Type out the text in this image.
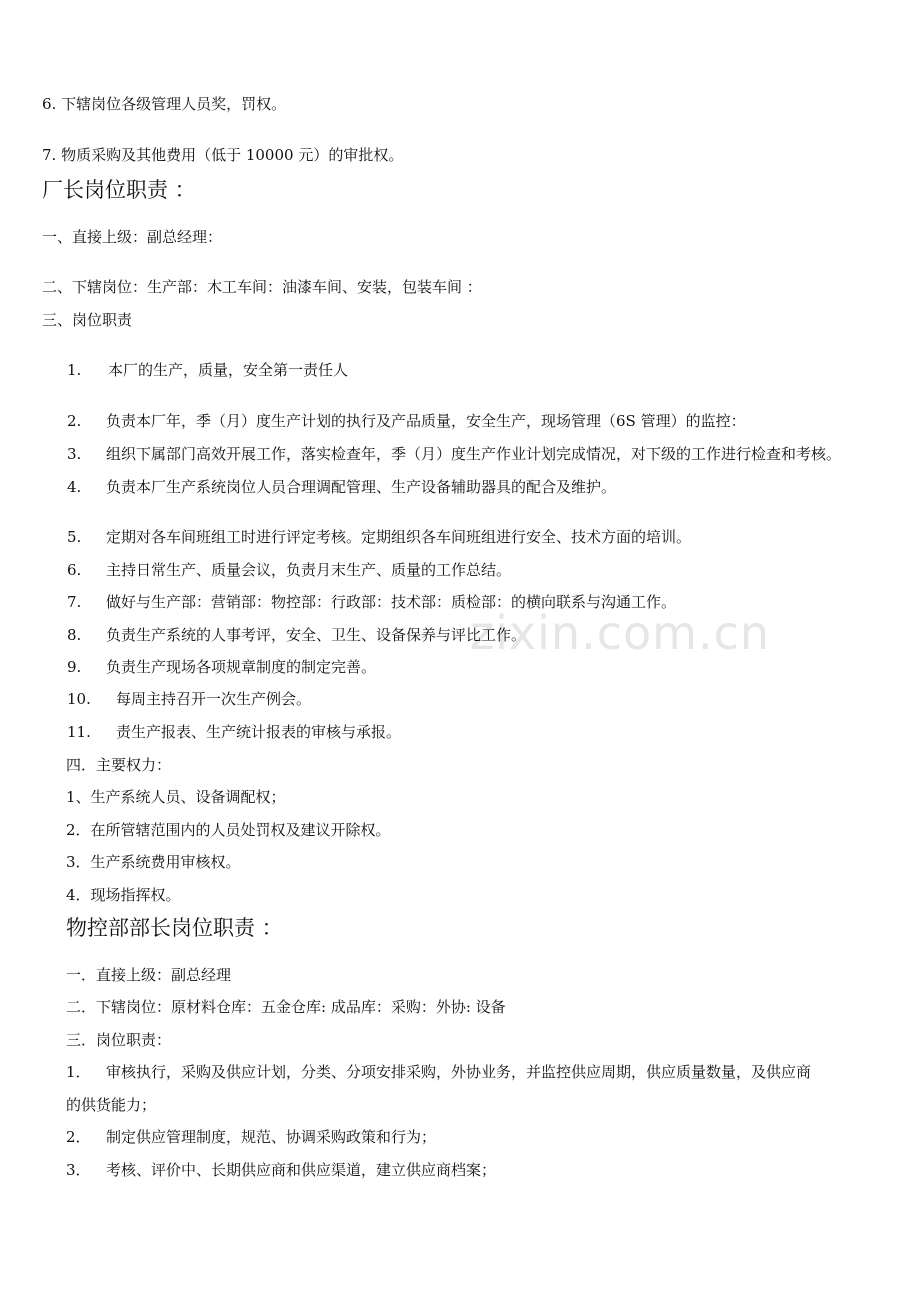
zixin.com.cn
6. 下辖岗位各级管理人员奖，罚权。
7. 物质采购及其他费用（低于 10000 元）的审批权。
厂长岗位职责 ：
一、直接上级：副总经理：
二、下辖岗位：生产部：木工车间：油漆车间、安装，包装车间 ：
三、岗位职责
1. 本厂的生产，质量，安全第一责任人
2. 负责本厂年，季（月）度生产计划的执行及产品质量，安全生产，现场管理（6S 管理）的监控：
3. 组织下属部门高效开展工作，落实检查年，季（月）度生产作业计划完成情况，对下级的工作进行检查和考核。
4. 负责本厂生产系统岗位人员合理调配管理、生产设备辅助器具的配合及维护。
5. 定期对各车间班组工时进行评定考核。定期组织各车间班组进行安全、技术方面的培训。
6. 主持日常生产、质量会议，负责月末生产、质量的工作总结。
7. 做好与生产部：营销部：物控部：行政部：技术部：质检部：的横向联系与沟通工作。
8. 负责生产系统的人事考评，安全、卫生、设备保养与评比工作。
9. 负责生产现场各项规章制度的制定完善。
10. 每周主持召开一次生产例会。
11. 责生产报表、生产统计报表的审核与承报。
四．主要权力：
1、生产系统人员、设备调配权；
2．在所管辖范围内的人员处罚权及建议开除权。
3．生产系统费用审核权。
4．现场指挥权。
物控部部长岗位职责 ：
一．直接上级：副总经理
二．下辖岗位：原材料仓库：五金仓库: 成品库：采购：外协: 设备
三．岗位职责：
1． 审核执行，采购及供应计划，分类、分项安排采购，外协业务，并监控供应周期，供应质量数量，及供应商
的供货能力；
2． 制定供应管理制度，规范、协调采购政策和行为；
3． 考核、评价中、长期供应商和供应渠道，建立供应商档案；
